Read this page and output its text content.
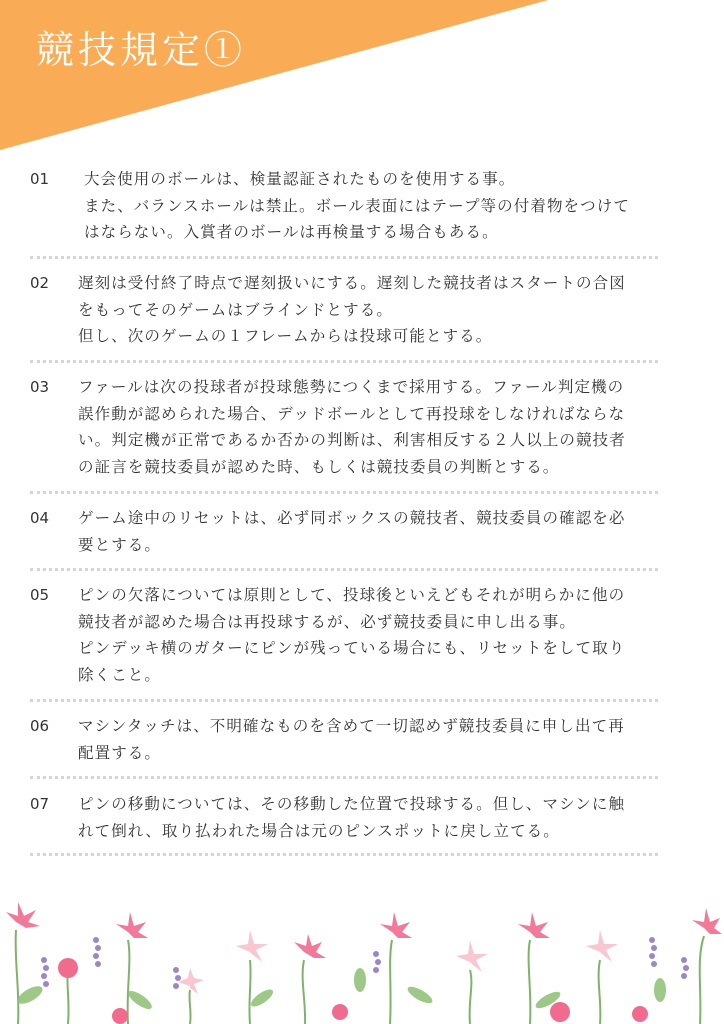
競技規定①
01	大会使用のボールは、検量認証されたものを使用する事。

また、バランスホールは禁止。ボール表面にはテープ等の付着物をつけて

はならない。入賞者のボールは再検量する場合もある。

02	遅刻は受付終了時点で遅刻扱いにする。遅刻した競技者はスタートの合図

をもってそのゲームはブラインドとする。

但し、次のゲームの１フレームからは投球可能とする。

03	ファールは次の投球者が投球態勢につくまで採用する。ファール判定機の

誤作動が認められた場合、デッドボールとして再投球をしなければならな

い。判定機が正常であるか否かの判断は、利害相反する２人以上の競技者

の証言を競技委員が認めた時、もしくは競技委員の判断とする。

04	ゲーム途中のリセットは、必ず同ボックスの競技者、競技委員の確認を必

要とする。

05	ピンの欠落については原則として、投球後といえどもそれが明らかに他の

競技者が認めた場合は再投球するが、必ず競技委員に申し出る事。

ピンデッキ横のガターにピンが残っている場合にも、リセットをして取り

除くこと。

06	マシンタッチは、不明確なものを含めて一切認めず競技委員に申し出て再

配置する。

07	ピンの移動については、その移動した位置で投球する。但し、マシンに触

れて倒れ、取り払われた場合は元のピンスポットに戻し立てる。
